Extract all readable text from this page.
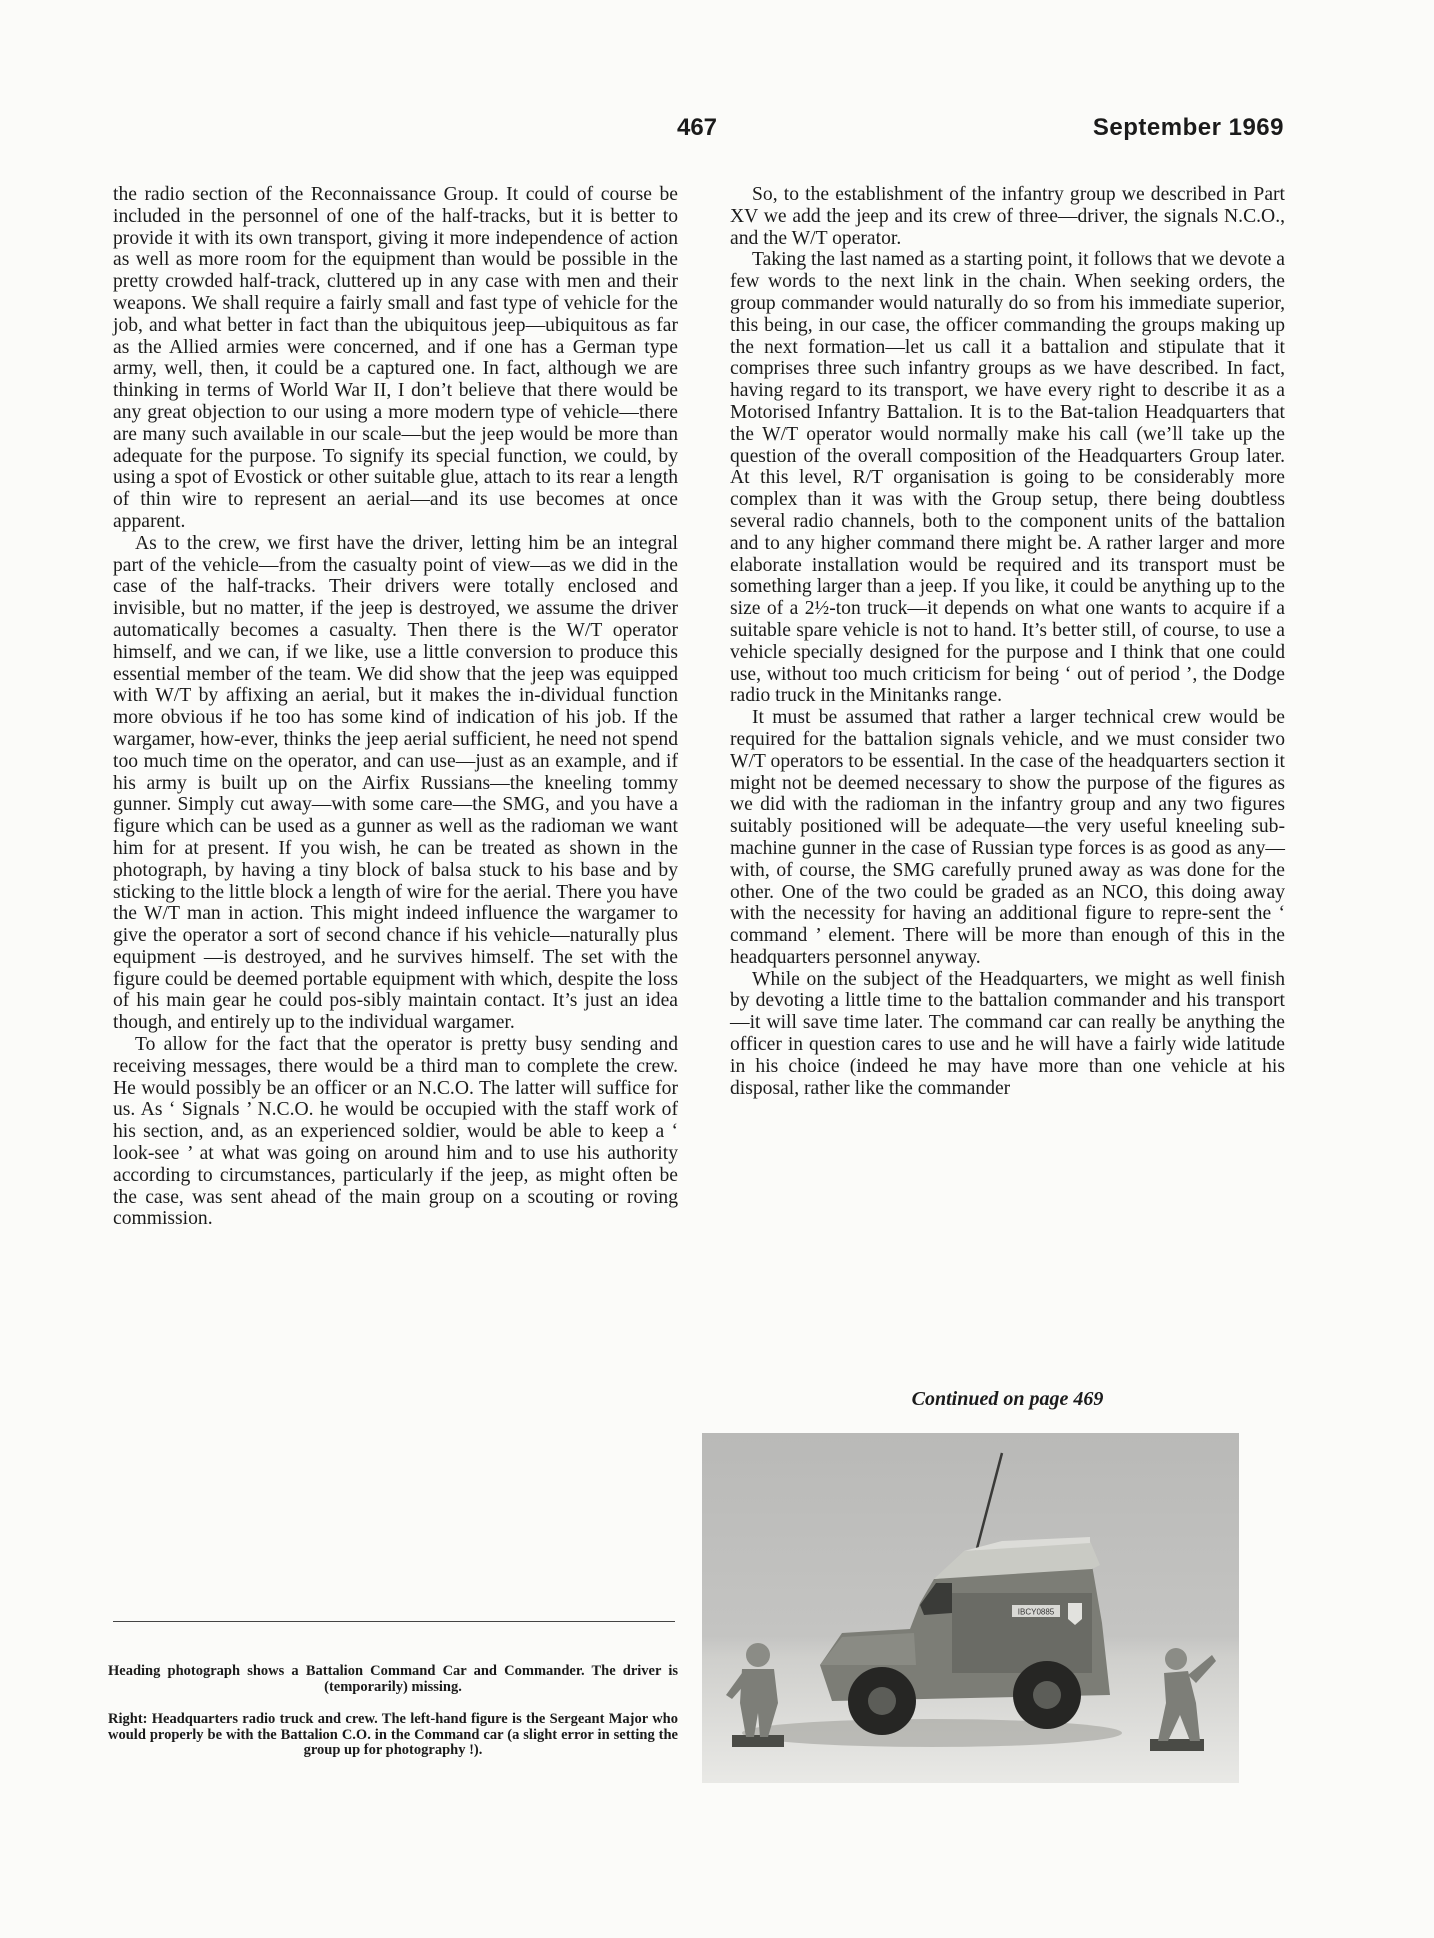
467	September 1969

the radio section of the Reconnaissance Group. It could of course be included in the personnel of one of the half-tracks, but it is better to provide it with its own transport, giving it more independence of action as well as more room for the equipment than would be possible in the pretty crowded half-track, cluttered up in any case with men and their weapons. We shall require a fairly small and fast type of vehicle for the job, and what better in fact than the ubiquitous jeep—ubiquitous as far as the Allied armies were concerned, and if one has a German type army, well, then, it could be a captured one. In fact, although we are thinking in terms of World War II, I don’t believe that there would be any great objection to our using a more modern type of vehicle—there are many such available in our scale—but the jeep would be more than adequate for the purpose. To signify its special function, we could, by using a spot of Evostick or other suitable glue, attach to its rear a length of thin wire to represent an aerial—and its use becomes at once apparent.

As to the crew, we first have the driver, letting him be an integral part of the vehicle—from the casualty point of view—as we did in the case of the half-tracks. Their drivers were totally enclosed and invisible, but no matter, if the jeep is destroyed, we assume the driver automatically becomes a casualty. Then there is the W/T operator himself, and we can, if we like, use a little conversion to produce this essential member of the team. We did show that the jeep was equipped with W/T by affixing an aerial, but it makes the in-dividual function more obvious if he too has some kind of indication of his job. If the wargamer, how-ever, thinks the jeep aerial sufficient, he need not spend too much time on the operator, and can use—just as an example, and if his army is built up on the Airfix Russians—the kneeling tommy gunner. Simply cut away—with some care—the SMG, and you have a figure which can be used as a gunner as well as the radioman we want him for at present. If you wish, he can be treated as shown in the photograph, by having a tiny block of balsa stuck to his base and by sticking to the little block a length of wire for the aerial. There you have the W/T man in action. This might indeed influence the wargamer to give the operator a sort of second chance if his vehicle—naturally plus equipment —is destroyed, and he survives himself. The set with the figure could be deemed portable equipment with which, despite the loss of his main gear he could pos-sibly maintain contact. It’s just an idea though, and entirely up to the individual wargamer.

To allow for the fact that the operator is pretty busy sending and receiving messages, there would be a third man to complete the crew. He would possibly be an officer or an N.C.O. The latter will suffice for us. As ‘ Signals ’ N.C.O. he would be occupied with the staff work of his section, and, as an experienced soldier, would be able to keep a ‘ look-see ’ at what was going on around him and to use his authority according to circumstances, particularly if the jeep, as might often be the case, was sent ahead of the main group on a scouting or roving commission.

So, to the establishment of the infantry group we described in Part XV we add the jeep and its crew of three—driver, the signals N.C.O., and the W/T operator.

Taking the last named as a starting point, it follows that we devote a few words to the next link in the chain. When seeking orders, the group commander would naturally do so from his immediate superior, this being, in our case, the officer commanding the groups making up the next formation—let us call it a battalion and stipulate that it comprises three such infantry groups as we have described. In fact, having regard to its transport, we have every right to describe it as a Motorised Infantry Battalion. It is to the Bat-talion Headquarters that the W/T operator would normally make his call (we’ll take up the question of the overall composition of the Headquarters Group later. At this level, R/T organisation is going to be considerably more complex than it was with the Group setup, there being doubtless several radio channels, both to the component units of the battalion and to any higher command there might be. A rather larger and more elaborate installation would be required and its transport must be something larger than a jeep. If you like, it could be anything up to the size of a 2½-ton truck—it depends on what one wants to acquire if a suitable spare vehicle is not to hand. It’s better still, of course, to use a vehicle specially designed for the purpose and I think that one could use, without too much criticism for being ‘ out of period ’, the Dodge radio truck in the Minitanks range.

It must be assumed that rather a larger technical crew would be required for the battalion signals vehicle, and we must consider two W/T operators to be essential. In the case of the headquarters section it might not be deemed necessary to show the purpose of the figures as we did with the radioman in the infantry group and any two figures suitably positioned will be adequate—the very useful kneeling sub-machine gunner in the case of Russian type forces is as good as any—with, of course, the SMG carefully pruned away as was done for the other. One of the two could be graded as an NCO, this doing away with the necessity for having an additional figure to repre-sent the ‘ command ’ element. There will be more than enough of this in the headquarters personnel anyway.

While on the subject of the Headquarters, we might as well finish by devoting a little time to the battalion commander and his transport—it will save time later. The command car can really be anything the officer in question cares to use and he will have a fairly wide latitude in his choice (indeed he may have more than one vehicle at his disposal, rather like the commander

Continued on page 469
Heading photograph shows a Battalion Command Car and Commander. The driver is (temporarily) missing.
Right: Headquarters radio truck and crew. The left-hand figure is the Sergeant Major who would properly be with the Battalion C.O. in the Command car (a slight error in setting the group up for photography !).
IBCY0885
